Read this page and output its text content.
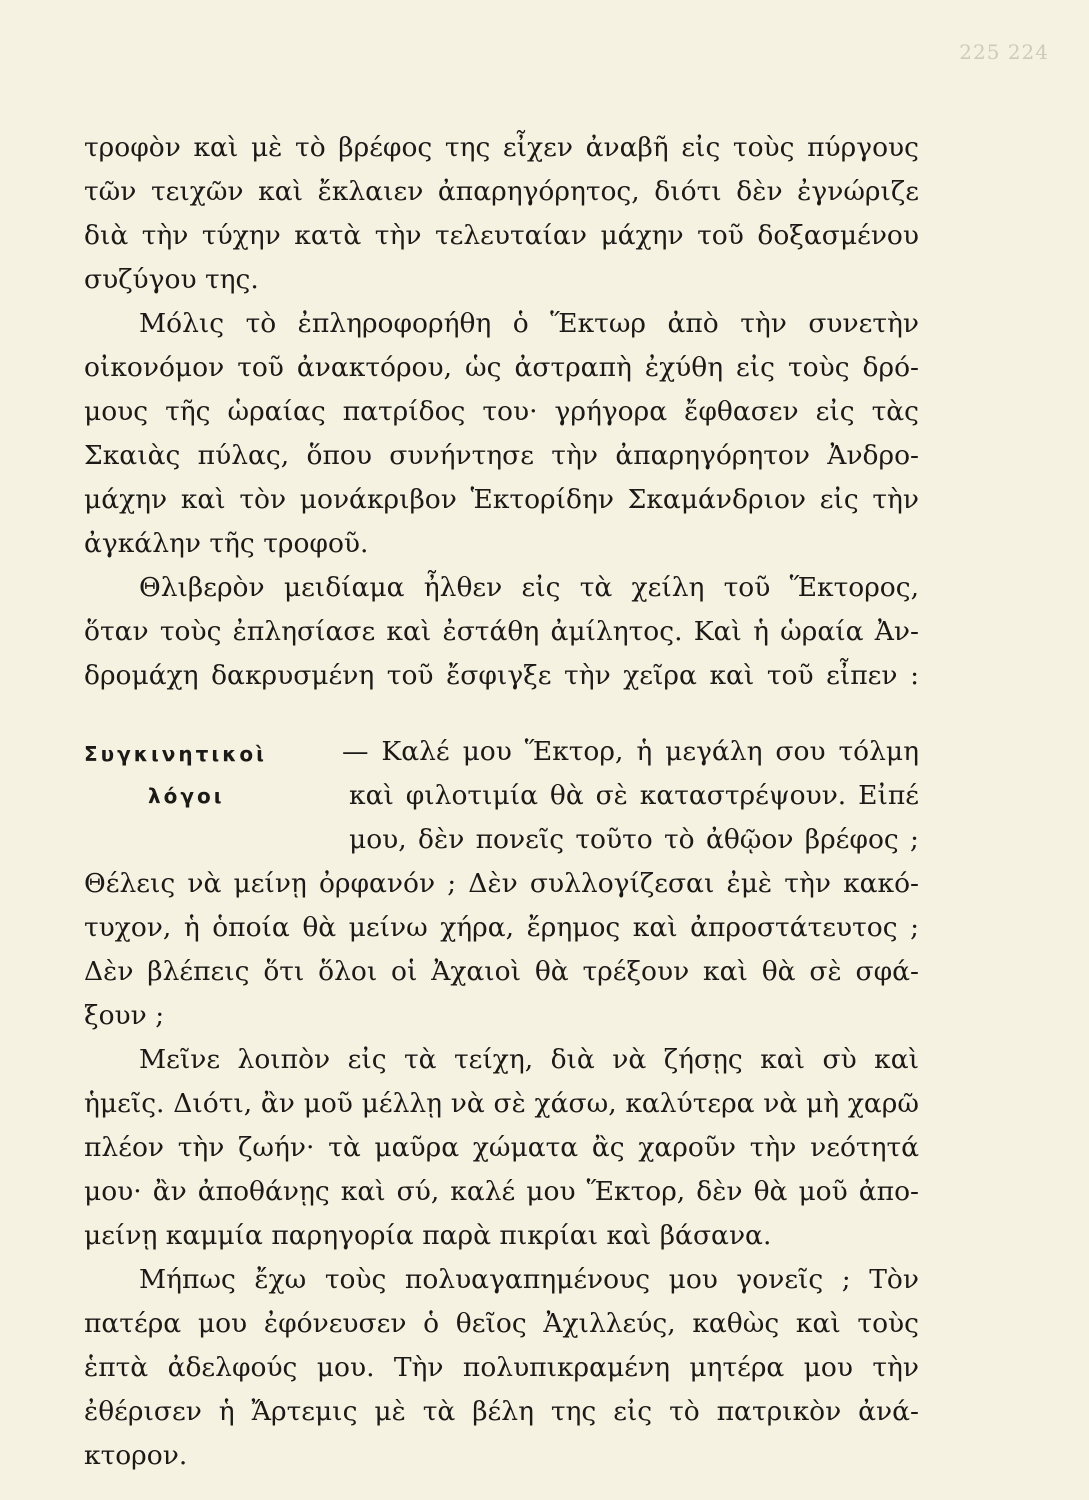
225 224
τροφὸν καὶ μὲ τὸ βρέφος της εἶχεν ἀναβῆ εἰς τοὺς πύργους
τῶν τειχῶν καὶ ἔκλαιεν ἀπαρηγόρητος, διότι δὲν ἐγνώριζε
διὰ τὴν τύχην κατὰ τὴν τελευταίαν μάχην τοῦ δοξασμένου
συζύγου της.
Μόλις τὸ ἐπληροφορήθη ὁ Ἕκτωρ ἀπὸ τὴν συνετὴν
οἰκονόμον τοῦ ἀνακτόρου, ὡς ἀστραπὴ ἐχύθη εἰς τοὺς δρό-
μους τῆς ὡραίας πατρίδος του· γρήγορα ἔφθασεν εἰς τὰς
Σκαιὰς πύλας, ὅπου συνήντησε τὴν ἀπαρηγόρητον Ἀνδρο-
μάχην καὶ τὸν μονάκριβον Ἑκτορίδην Σκαμάνδριον εἰς τὴν
ἀγκάλην τῆς τροφοῦ.
Θλιβερὸν μειδίαμα ἦλθεν εἰς τὰ χείλη τοῦ Ἕκτορος,
ὅταν τοὺς ἐπλησίασε καὶ ἐστάθη ἀμίλητος. Καὶ ἡ ὡραία Ἀν-
δρομάχη δακρυσμένη τοῦ ἔσφιγξε τὴν χεῖρα καὶ τοῦ εἶπεν :
— Καλέ μου Ἕκτορ, ἡ μεγάλη σου τόλμη
καὶ φιλοτιμία θὰ σὲ καταστρέψουν. Εἰπέ
μου, δὲν πονεῖς τοῦτο τὸ ἀθῷον βρέφος ;
Θέλεις νὰ μείνῃ ὀρφανόν ; Δὲν συλλογίζεσαι ἐμὲ τὴν κακό-
τυχον, ἡ ὁποία θὰ μείνω χήρα, ἔρημος καὶ ἀπροστάτευτος ;
Δὲν βλέπεις ὅτι ὅλοι οἱ Ἀχαιοὶ θὰ τρέξουν καὶ θὰ σὲ σφά-
ξουν ;
Μεῖνε λοιπὸν εἰς τὰ τείχη, διὰ νὰ ζήσῃς καὶ σὺ καὶ
ἡμεῖς. Διότι, ἂν μοῦ μέλλῃ νὰ σὲ χάσω, καλύτερα νὰ μὴ χαρῶ
πλέον τὴν ζωήν· τὰ μαῦρα χώματα ἂς χαροῦν τὴν νεότητά
μου· ἂν ἀποθάνῃς καὶ σύ, καλέ μου Ἕκτορ, δὲν θὰ μοῦ ἀπο-
μείνῃ καμμία παρηγορία παρὰ πικρίαι καὶ βάσανα.
Μήπως ἔχω τοὺς πολυαγαπημένους μου γονεῖς ; Τὸν
πατέρα μου ἐφόνευσεν ὁ θεῖος Ἀχιλλεύς, καθὼς καὶ τοὺς
ἑπτὰ ἀδελφούς μου. Τὴν πολυπικραμένη μητέρα μου τὴν
ἐθέρισεν ἡ Ἄρτεμις μὲ τὰ βέλη της εἰς τὸ πατρικὸν ἀνά-
κτορον.
Συγκινητικοὶ
λόγοι
